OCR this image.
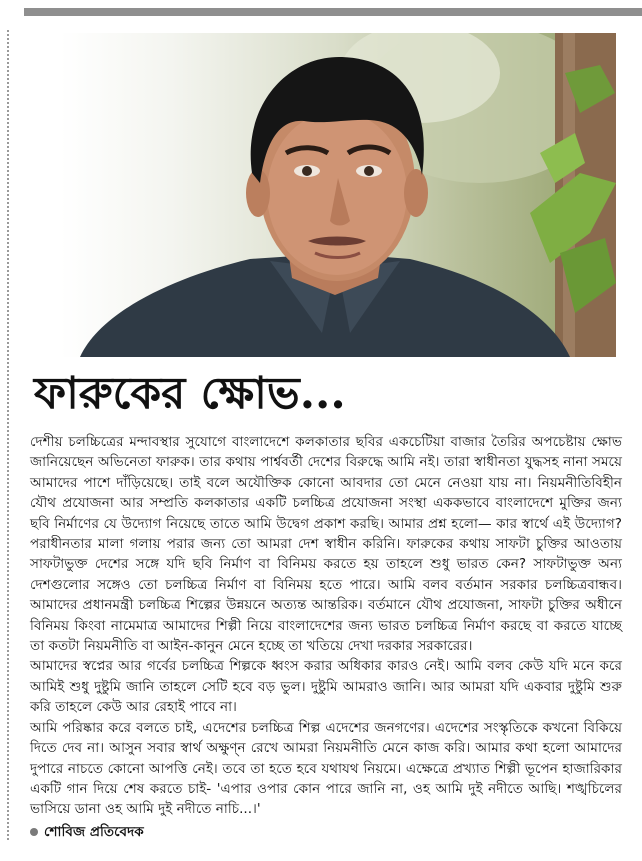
ফারুকের ক্ষোভ...

দেশীয় চলচ্চিত্রের মন্দাবস্থার সুযোগে বাংলাদেশে কলকাতার ছবির একচেটিয়া বাজার তৈরির অপচেষ্টায় ক্ষোভ জানিয়েছেন অভিনেতা ফারুক। তার কথায় পার্শ্ববর্তী দেশের বিরুদ্ধে আমি নই। তারা স্বাধীনতা যুদ্ধসহ নানা সময়ে আমাদের পাশে দাঁড়িয়েছে। তাই বলে অযৌক্তিক কোনো আবদার তো মেনে নেওয়া যায় না। নিয়মনীতিবিহীন যৌথ প্রযোজনা আর সম্প্রতি কলকাতার একটি চলচ্চিত্র প্রযোজনা সংস্থা এককভাবে বাংলাদেশে মুক্তির জন্য ছবি নির্মাণের যে উদ্যোগ নিয়েছে তাতে আমি উদ্বেগ প্রকাশ করছি। আমার প্রশ্ন হলো— কার স্বার্থে এই উদ্যোগ? পরাধীনতার মালা গলায় পরার জন্য তো আমরা দেশ স্বাধীন করিনি। ফারুকের কথায় সাফটা চুক্তির আওতায় সাফটাভুক্ত দেশের সঙ্গে যদি ছবি নির্মাণ বা বিনিময় করতে হয় তাহলে শুধু ভারত কেন? সাফটাভুক্ত অন্য দেশগুলোর সঙ্গেও তো চলচ্চিত্র নির্মাণ বা বিনিময় হতে পারে। আমি বলব বর্তমান সরকার চলচ্চিত্রবান্ধব। আমাদের প্রধানমন্ত্রী চলচ্চিত্র শিল্পের উন্নয়নে অত্যন্ত আন্তরিক। বর্তমানে যৌথ প্রযোজনা, সাফটা চুক্তির অধীনে বিনিময় কিংবা নামেমাত্র আমাদের শিল্পী নিয়ে বাংলাদেশের জন্য ভারত চলচ্চিত্র নির্মাণ করছে বা করতে যাচ্ছে তা কতটা নিয়মনীতি বা আইন-কানুন মেনে হচ্ছে তা খতিয়ে দেখা দরকার সরকারের।

আমাদের স্বপ্নের আর গর্বের চলচ্চিত্র শিল্পকে ধ্বংস করার অধিকার কারও নেই। আমি বলব কেউ যদি মনে করে আমিই শুধু দুষ্টুমি জানি তাহলে সেটি হবে বড় ভুল। দুষ্টুমি আমরাও জানি। আর আমরা যদি একবার দুষ্টুমি শুরু করি তাহলে কেউ আর রেহাই পাবে না।

আমি পরিষ্কার করে বলতে চাই, এদেশের চলচ্চিত্র শিল্প এদেশের জনগণের। এদেশের সংস্কৃতিকে কখনো বিকিয়ে দিতে দেব না। আসুন সবার স্বার্থ অক্ষুণ্ন রেখে আমরা নিয়মনীতি মেনে কাজ করি। আমার কথা হলো আমাদের দুপারে নাচতে কোনো আপত্তি নেই। তবে তা হতে হবে যথাযথ নিয়মে। এক্ষেত্রে প্রখ্যাত শিল্পী ভূপেন হাজারিকার একটি গান দিয়ে শেষ করতে চাই- 'এপার ওপার কোন পারে জানি না, ওহ আমি দুই নদীতে আছি। শঙ্খচিলের ভাসিয়ে ডানা ওহ আমি দুই নদীতে নাচি...।'

শোবিজ প্রতিবেদক
